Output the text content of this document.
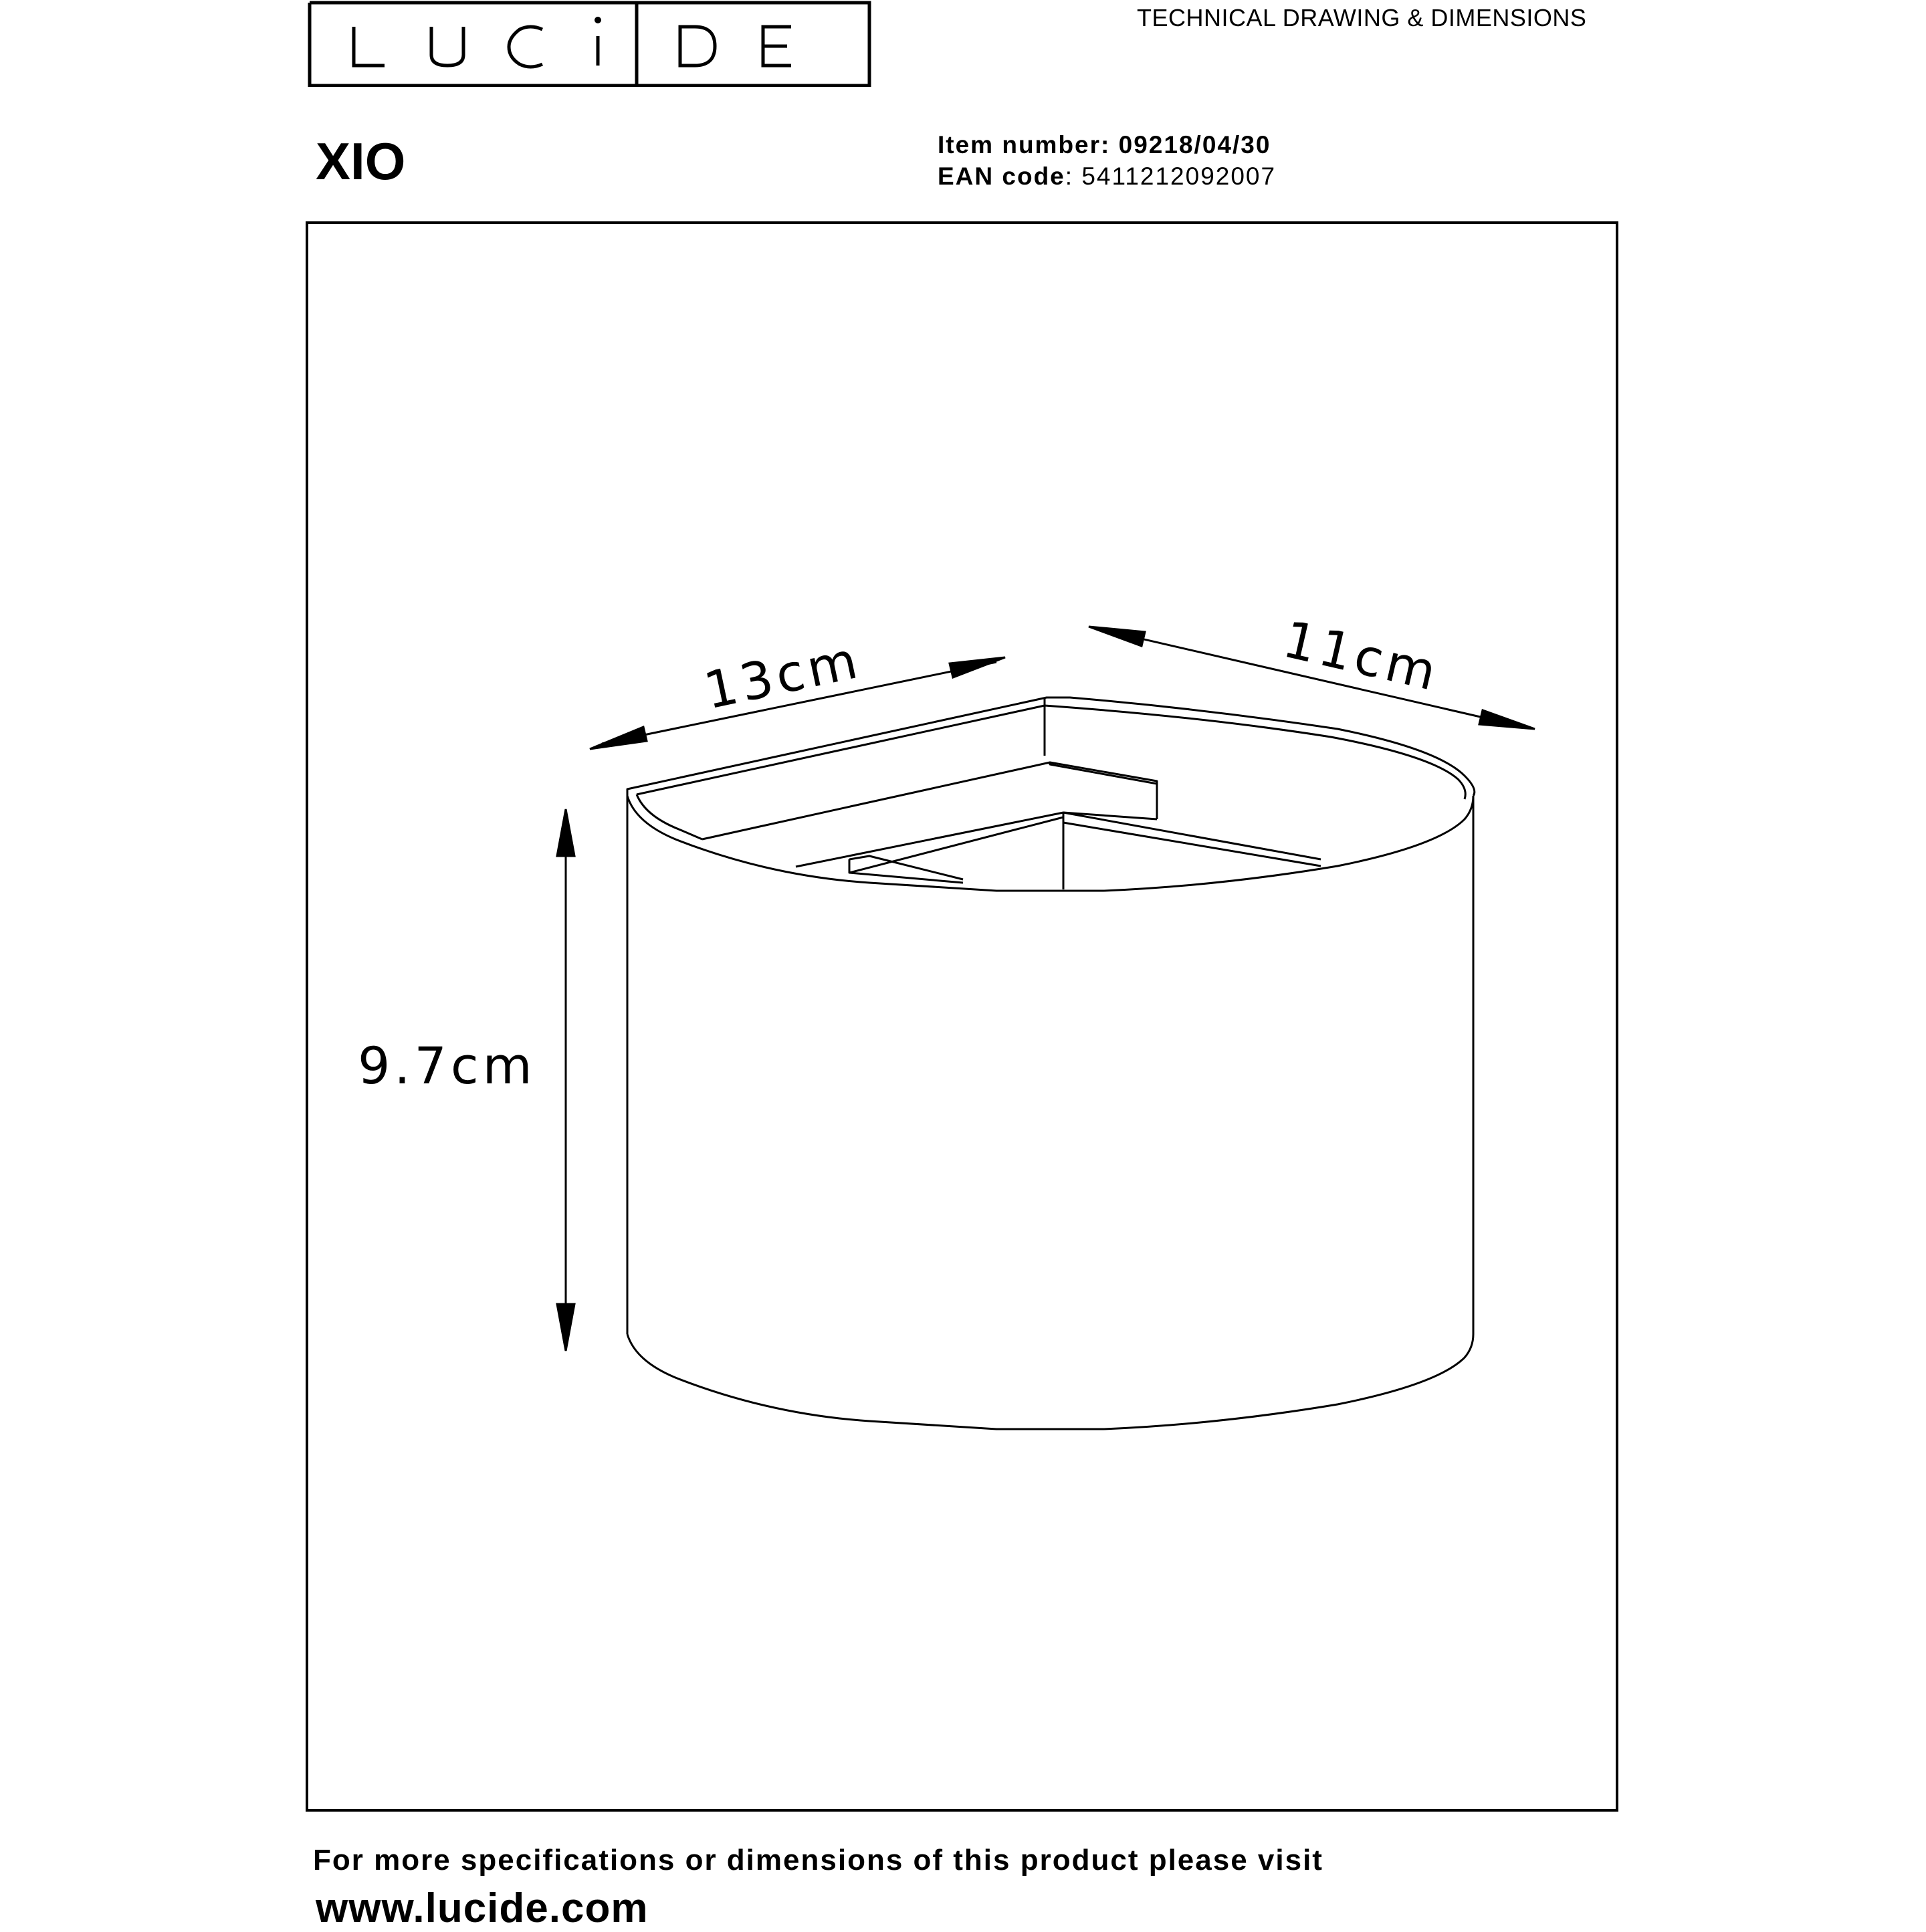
TECHNICAL DRAWING & DIMENSIONS
XIO	Item number: 09218/04/30
EAN code: 5411212092007
13cm	11cm
9.7cm
For more specifications or dimensions of this product please visit
www.lucide.com
